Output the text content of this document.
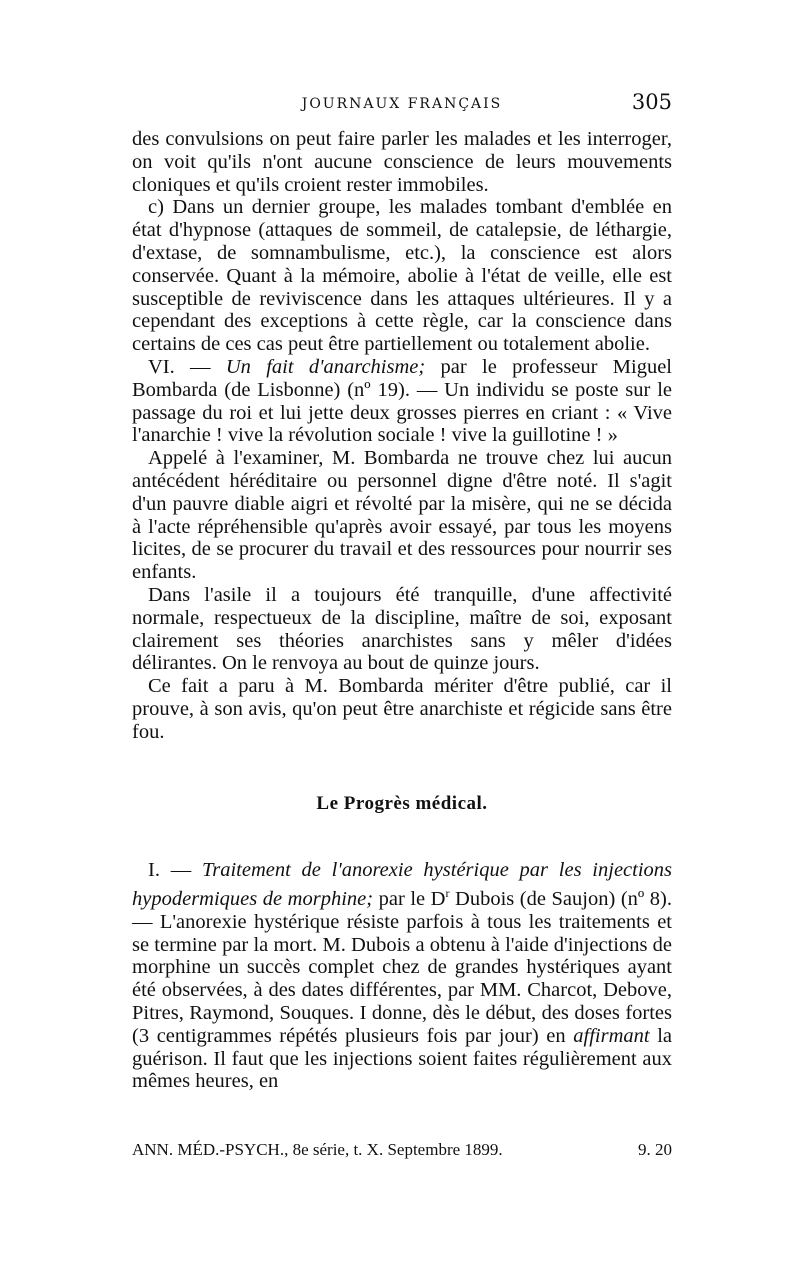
JOURNAUX FRANÇAIS	305

des convulsions on peut faire parler les malades et les interroger, on voit qu'ils n'ont aucune conscience de leurs mouvements cloniques et qu'ils croient rester immobiles.

c) Dans un dernier groupe, les malades tombant d'emblée en état d'hypnose (attaques de sommeil, de catalepsie, de léthargie, d'extase, de somnambulisme, etc.), la conscience est alors conservée. Quant à la mémoire, abolie à l'état de veille, elle est susceptible de reviviscence dans les attaques ultérieures. Il y a cependant des exceptions à cette règle, car la conscience dans certains de ces cas peut être partiellement ou totalement abolie.

VI. — Un fait d'anarchisme; par le professeur Miguel Bombarda (de Lisbonne) (nº 19). — Un individu se poste sur le passage du roi et lui jette deux grosses pierres en criant : « Vive l'anarchie ! vive la révolution sociale ! vive la guillotine ! »

Appelé à l'examiner, M. Bombarda ne trouve chez lui aucun antécédent héréditaire ou personnel digne d'être noté. Il s'agit d'un pauvre diable aigri et révolté par la misère, qui ne se décida à l'acte répréhensible qu'après avoir essayé, par tous les moyens licites, de se procurer du travail et des ressources pour nourrir ses enfants.

Dans l'asile il a toujours été tranquille, d'une affectivité normale, respectueux de la discipline, maître de soi, exposant clairement ses théories anarchistes sans y mêler d'idées délirantes. On le renvoya au bout de quinze jours.

Ce fait a paru à M. Bombarda mériter d'être publié, car il prouve, à son avis, qu'on peut être anarchiste et régicide sans être fou.

Le Progrès médical.

I. — Traitement de l'anorexie hystérique par les injections hypodermiques de morphine; par le $D^r$ Dubois (de Saujon) (nº 8). — L'anorexie hystérique résiste parfois à tous les traitements et se termine par la mort. M. Dubois a obtenu à l'aide d'injections de morphine un succès complet chez de grandes hystériques ayant été observées, à des dates différentes, par MM. Charcot, Debove, Pitres, Raymond, Souques. I donne, dès le début, des doses fortes (3 centigrammes répétés plusieurs fois par jour) en affirmant la guérison. Il faut que les injections soient faites régulièrement aux mêmes heures, en

ANN. MÉD.-PSYCH., 8e série, t. X. Septembre 1899.	9. 20
